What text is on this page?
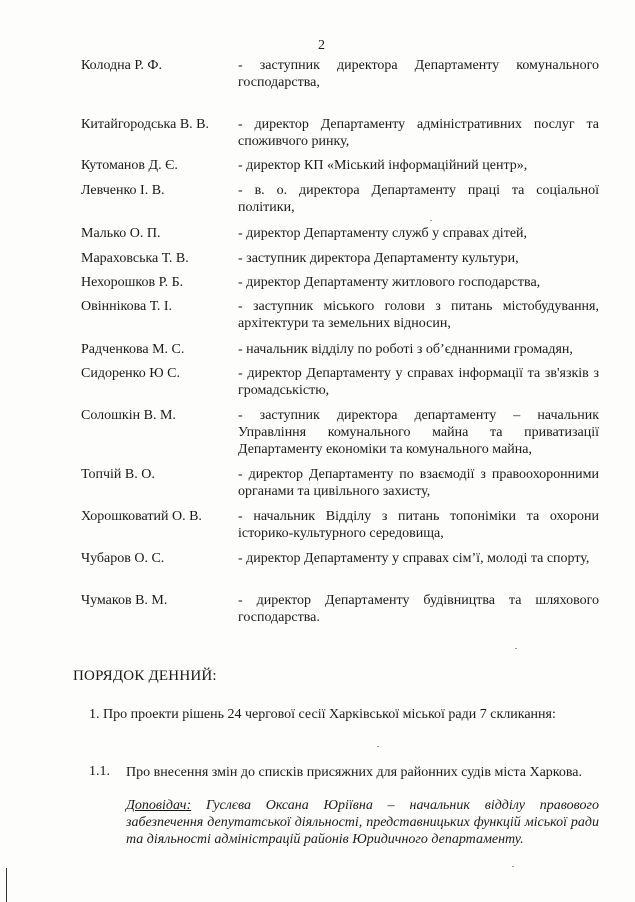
2
Колодна Р. Ф.	- заступник директора Департаменту комунального господарства,
Китайгородська В. В. - директор Департаменту адміністративних послуг та споживчого ринку,
Кутоманов Д. Є.	- директор КП «Міський інформаційний центр»,
Левченко І. В.	- в. о. директора Департаменту праці та соціальної політики,
Малько О. П.	- директор Департаменту служб у справах дітей,
Мараховська Т. В.	- заступник директора Департаменту культури,
Нехорошков Р. Б.	- директор Департаменту житлового господарства,
Овіннікова Т. І.	- заступник міського голови з питань містобудування, архітектури та земельних відносин,
Радченкова М. С.	- начальник відділу по роботі з об’єднанними громадян,
Сидоренко Ю С.	- директор Департаменту у справах інформації та зв'язків з громадськістю,
Солошкін В. М.	- заступник директора департаменту – начальник Управління комунального майна та приватизації Департаменту економіки та комунального майна,
Топчій В. О.	- директор Департаменту по взаємодії з правоохоронними органами та цивільного захисту,
Хорошковатий О. В.	- начальник Відділу з питань топоніміки та охорони історико-культурного середовища,
Чубаров О. С.	- директор Департаменту у справах сім’ї, молоді та спорту,
Чумаков В. М.	- директор Департаменту будівництва та шляхового господарства.
ПОРЯДОК ДЕННИЙ:
1. Про проекти рішень 24 чергової сесії Харківської міської ради 7 скликання:
1.1. Про внесення змін до списків присяжних для районних судів міста Харкова.
Доповідач: Гуслєва Оксана Юріївна – начальник відділу правового забезпечення депутатської діяльності, представницьких функцій міської ради та діяльності адміністрацій районів Юридичного департаменту.
